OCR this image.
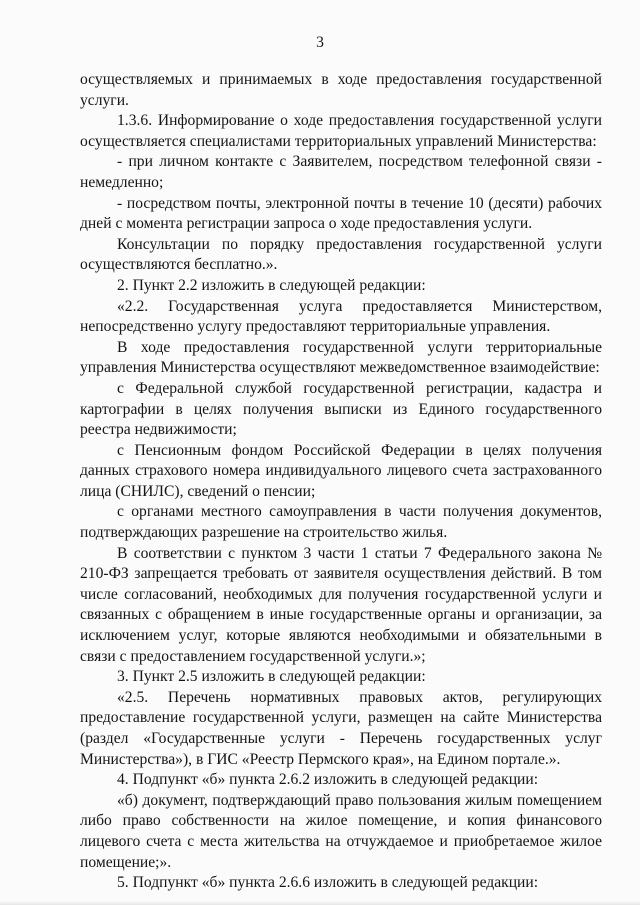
3

осуществляемых и принимаемых в ходе предоставления государственной услуги.

1.3.6. Информирование о ходе предоставления государственной услуги осуществляется специалистами территориальных управлений Министерства:

- при личном контакте с Заявителем, посредством телефонной связи - немедленно;

- посредством почты, электронной почты в течение 10 (десяти) рабочих дней с момента регистрации запроса о ходе предоставления услуги.

Консультации по порядку предоставления государственной услуги осуществляются бесплатно.».

2. Пункт 2.2 изложить в следующей редакции:

«2.2. Государственная услуга предоставляется Министерством, непосредственно услугу предоставляют территориальные управления.

В ходе предоставления государственной услуги территориальные управления Министерства осуществляют межведомственное взаимодействие:

с Федеральной службой государственной регистрации, кадастра и картографии в целях получения выписки из Единого государственного реестра недвижимости;

с Пенсионным фондом Российской Федерации в целях получения данных страхового номера индивидуального лицевого счета застрахованного лица (СНИЛС), сведений о пенсии;

с органами местного самоуправления в части получения документов, подтверждающих разрешение на строительство жилья.

В соответствии с пунктом 3 части 1 статьи 7 Федерального закона № 210-ФЗ запрещается требовать от заявителя осуществления действий. В том числе согласований, необходимых для получения государственной услуги и связанных с обращением в иные государственные органы и организации, за исключением услуг, которые являются необходимыми и обязательными в связи с предоставлением государственной услуги.»;

3. Пункт 2.5 изложить в следующей редакции:

«2.5. Перечень нормативных правовых актов, регулирующих предоставление государственной услуги, размещен на сайте Министерства (раздел «Государственные услуги - Перечень государственных услуг Министерства»), в ГИС «Реестр Пермского края», на Едином портале.».

4. Подпункт «б» пункта 2.6.2 изложить в следующей редакции:

«б) документ, подтверждающий право пользования жилым помещением либо право собственности на жилое помещение, и копия финансового лицевого счета с места жительства на отчуждаемое и приобретаемое жилое помещение;».

5. Подпункт «б» пункта 2.6.6 изложить в следующей редакции:
